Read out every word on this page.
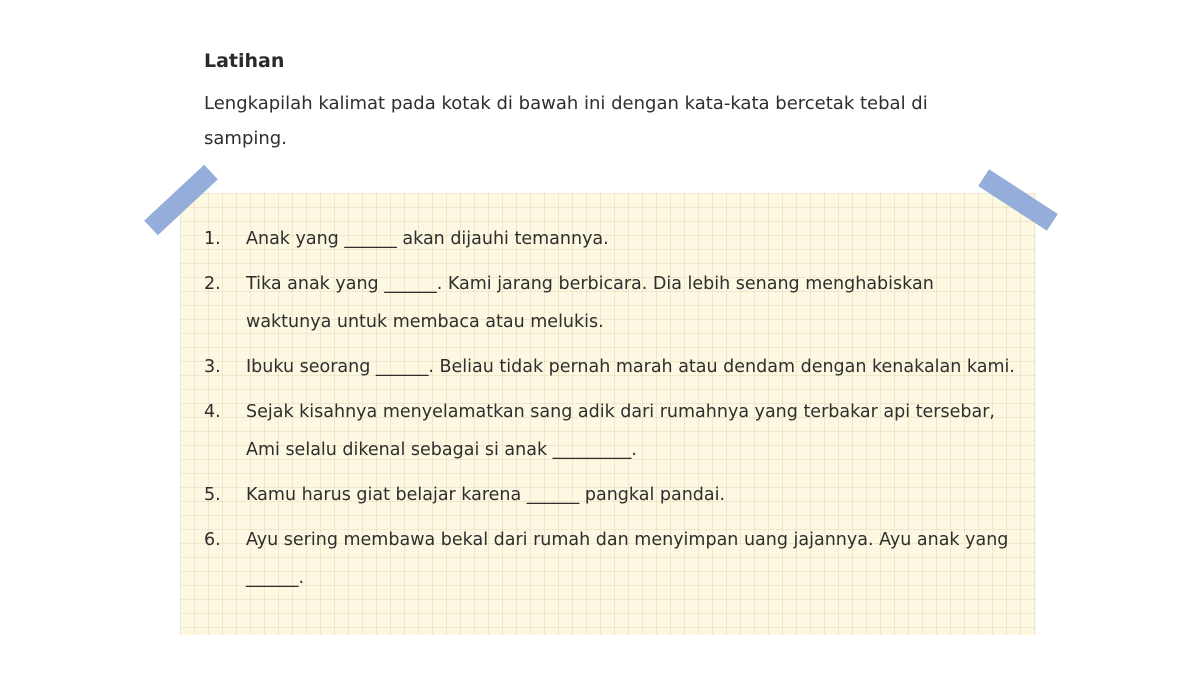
Latihan
Lengkapilah kalimat pada kotak di bawah ini dengan kata-kata bercetak tebal di samping.
1.	Anak yang ______ akan dijauhi temannya.
2.	Tika anak yang ______. Kami jarang berbicara. Dia lebih senang menghabiskan waktunya untuk membaca atau melukis.
3.	Ibuku seorang ______. Beliau tidak pernah marah atau dendam dengan kenakalan kami.
4.	Sejak kisahnya menyelamatkan sang adik dari rumahnya yang terbakar api tersebar, Ami selalu dikenal sebagai si anak _________.
5.	Kamu harus giat belajar karena ______ pangkal pandai.
6.	Ayu sering membawa bekal dari rumah dan menyimpan uang jajannya. Ayu anak yang ______.
